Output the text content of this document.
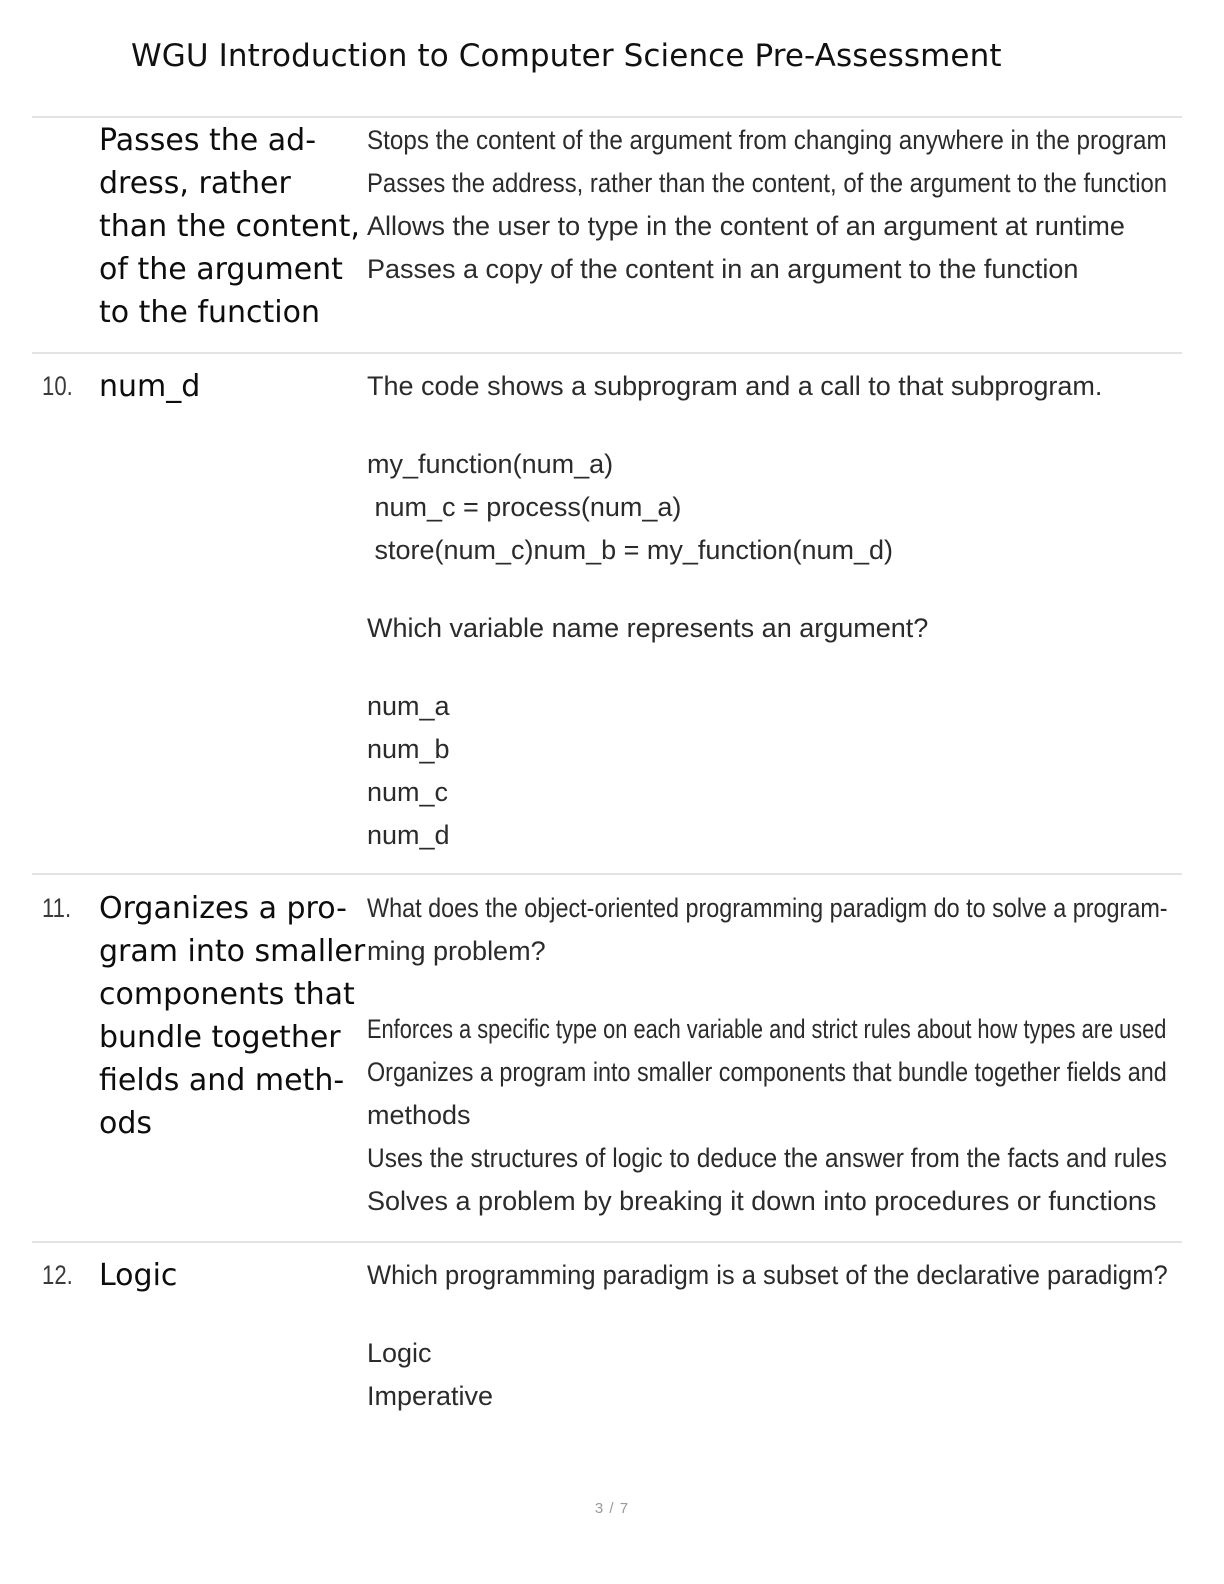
WGU Introduction to Computer Science Pre-Assessment
Passes the ad-
dress, rather
than the content,
of the argument
to the function
Stops the content of the argument from changing anywhere in the program
Passes the address, rather than the content, of the argument to the function
Allows the user to type in the content of an argument at runtime
Passes a copy of the content in an argument to the function
10. num_d	The code shows a subprogram and a call to that subprogram.
my_function(num_a)
num_c = process(num_a)
store(num_c)num_b = my_function(num_d)
Which variable name represents an argument?
num_a
num_b
num_c
num_d
11. Organizes a pro-
gram into smaller
components that
bundle together
fields and meth-
ods
What does the object-oriented programming paradigm do to solve a program-
ming problem?
Enforces a specific type on each variable and strict rules about how types are used
Organizes a program into smaller components that bundle together fields and
methods
Uses the structures of logic to deduce the answer from the facts and rules
Solves a problem by breaking it down into procedures or functions
12. Logic	Which programming paradigm is a subset of the declarative paradigm?
Logic
Imperative
3 / 7
